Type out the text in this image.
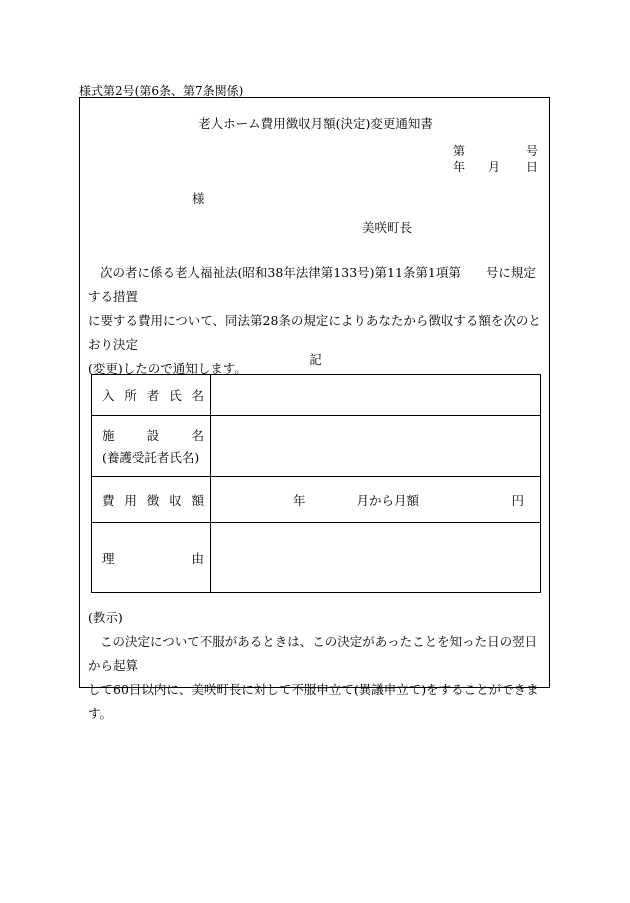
様式第2号(第6条、第7条関係)
老人ホーム費用徴収月額(決定)変更通知書
第	号
年 月 日
様
美咲町長

次の者に係る老人福祉法(昭和38年法律第133号)第11条第1項第　　号に規定する措置

に要する費用について、同法第28条の規定によりあなたから徴収する額を次のとおり決定

(変更)したので通知します。

記
入 所 者 氏 名	

施 設 名
(養護受託者氏名)	

費 用 徴 収 額	年 月から月額 円

理 由	

(教示)

この決定について不服があるときは、この決定があったことを知った日の翌日から起算

して60日以内に、美咲町長に対して不服申立て(異議申立て)をすることができます。
